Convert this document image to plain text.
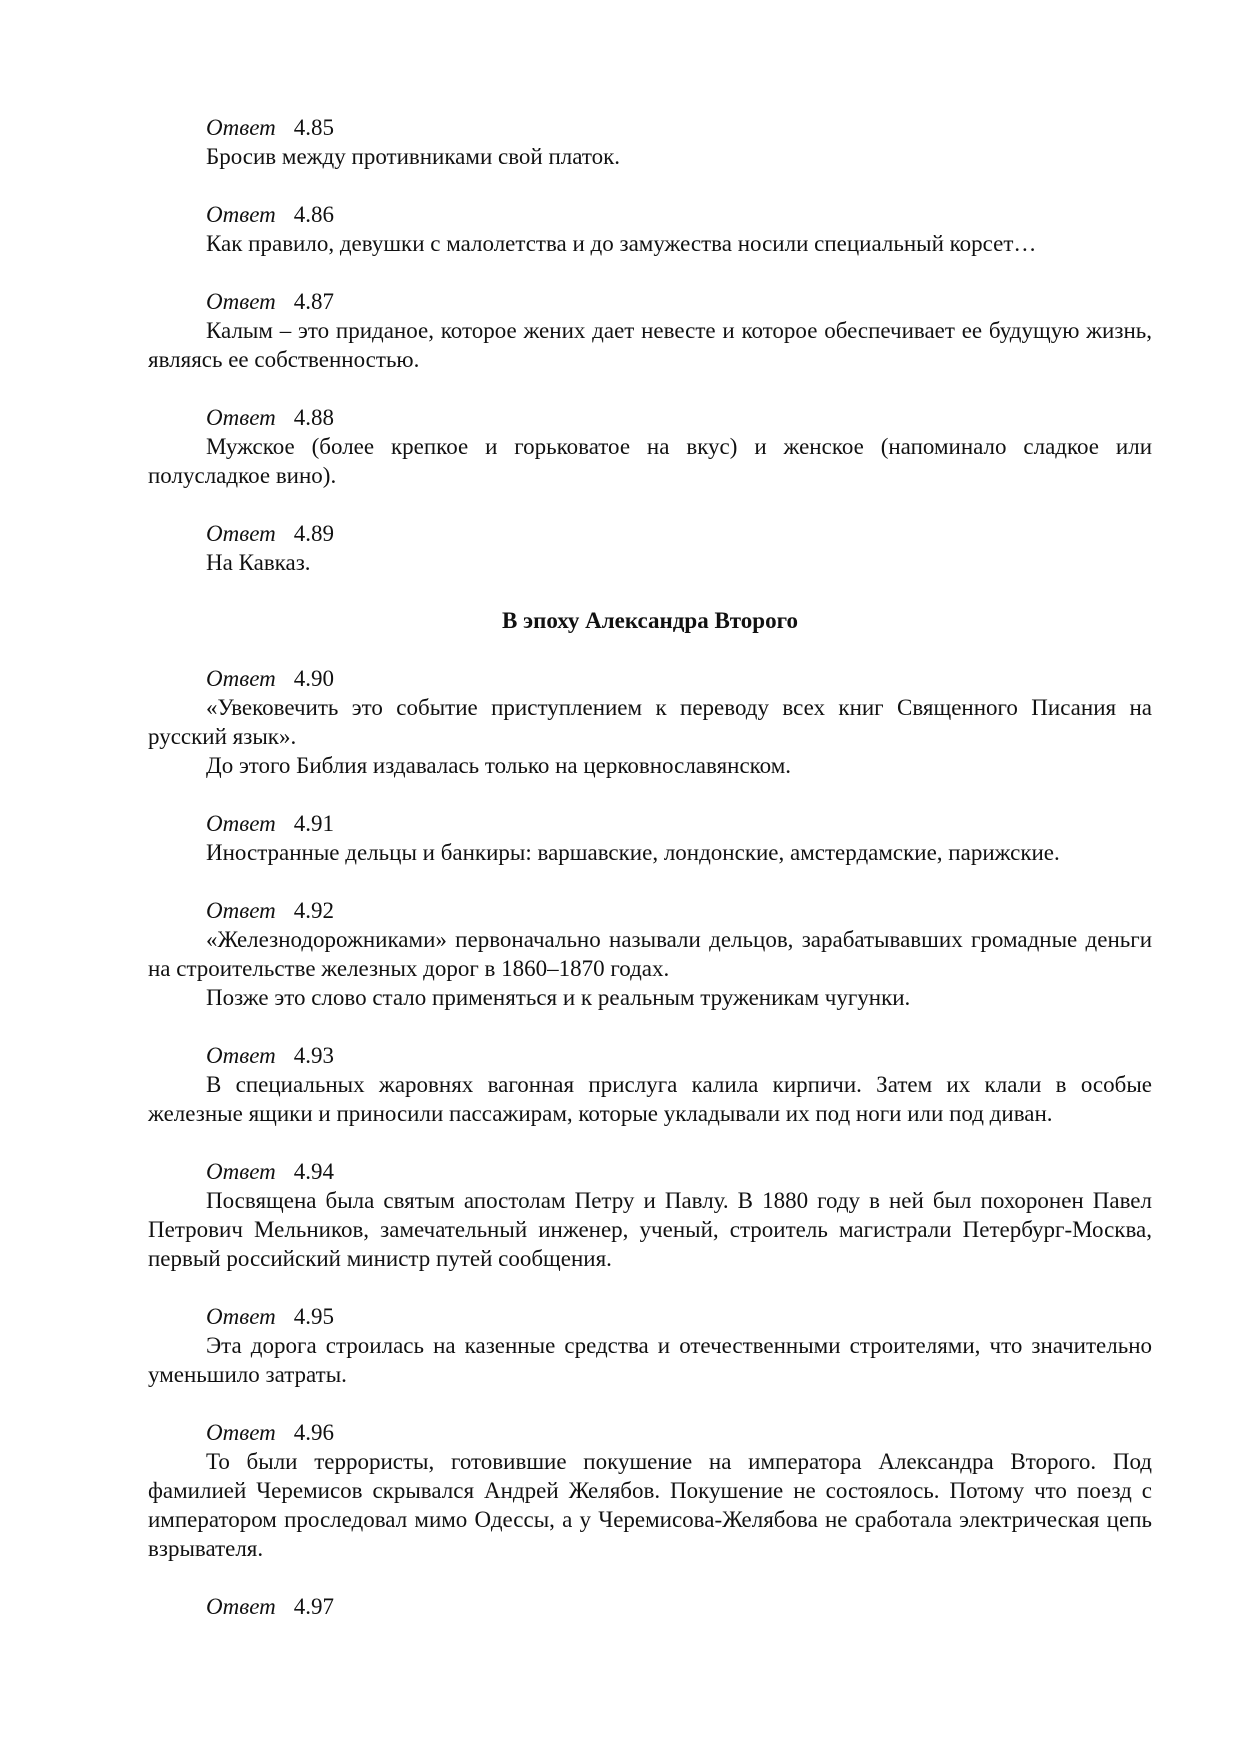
Ответ 4.85

Бросив между противниками свой платок.

Ответ 4.86

Как правило, девушки с малолетства и до замужества носили специальный корсет…

Ответ 4.87

Калым – это приданое, которое жених дает невесте и которое обеспечивает ее будущую жизнь, являясь ее собственностью.

Ответ 4.88

Мужское (более крепкое и горьковатое на вкус) и женское (напоминало сладкое или полусладкое вино).

Ответ 4.89

На Кавказ.

В эпоху Александра Второго
Ответ 4.90

«Увековечить это событие приступлением к переводу всех книг Священного Писания на русский язык».

До этого Библия издавалась только на церковнославянском.

Ответ 4.91

Иностранные дельцы и банкиры: варшавские, лондонские, амстердамские, парижские.

Ответ 4.92

«Железнодорожниками» первоначально называли дельцов, зарабатывавших громадные деньги на строительстве железных дорог в 1860–1870 годах.

Позже это слово стало применяться и к реальным труженикам чугунки.

Ответ 4.93

В специальных жаровнях вагонная прислуга калила кирпичи. Затем их клали в особые железные ящики и приносили пассажирам, которые укладывали их под ноги или под диван.

Ответ 4.94

Посвящена была святым апостолам Петру и Павлу. В 1880 году в ней был похоронен Павел Петрович Мельников, замечательный инженер, ученый, строитель магистрали Петербург-Москва, первый российский министр путей сообщения.

Ответ 4.95

Эта дорога строилась на казенные средства и отечественными строителями, что значительно уменьшило затраты.

Ответ 4.96

То были террористы, готовившие покушение на императора Александра Второго. Под фамилией Черемисов скрывался Андрей Желябов. Покушение не состоялось. Потому что поезд с императором проследовал мимо Одессы, а у Черемисова-Желябова не сработала электрическая цепь взрывателя.

Ответ 4.97
